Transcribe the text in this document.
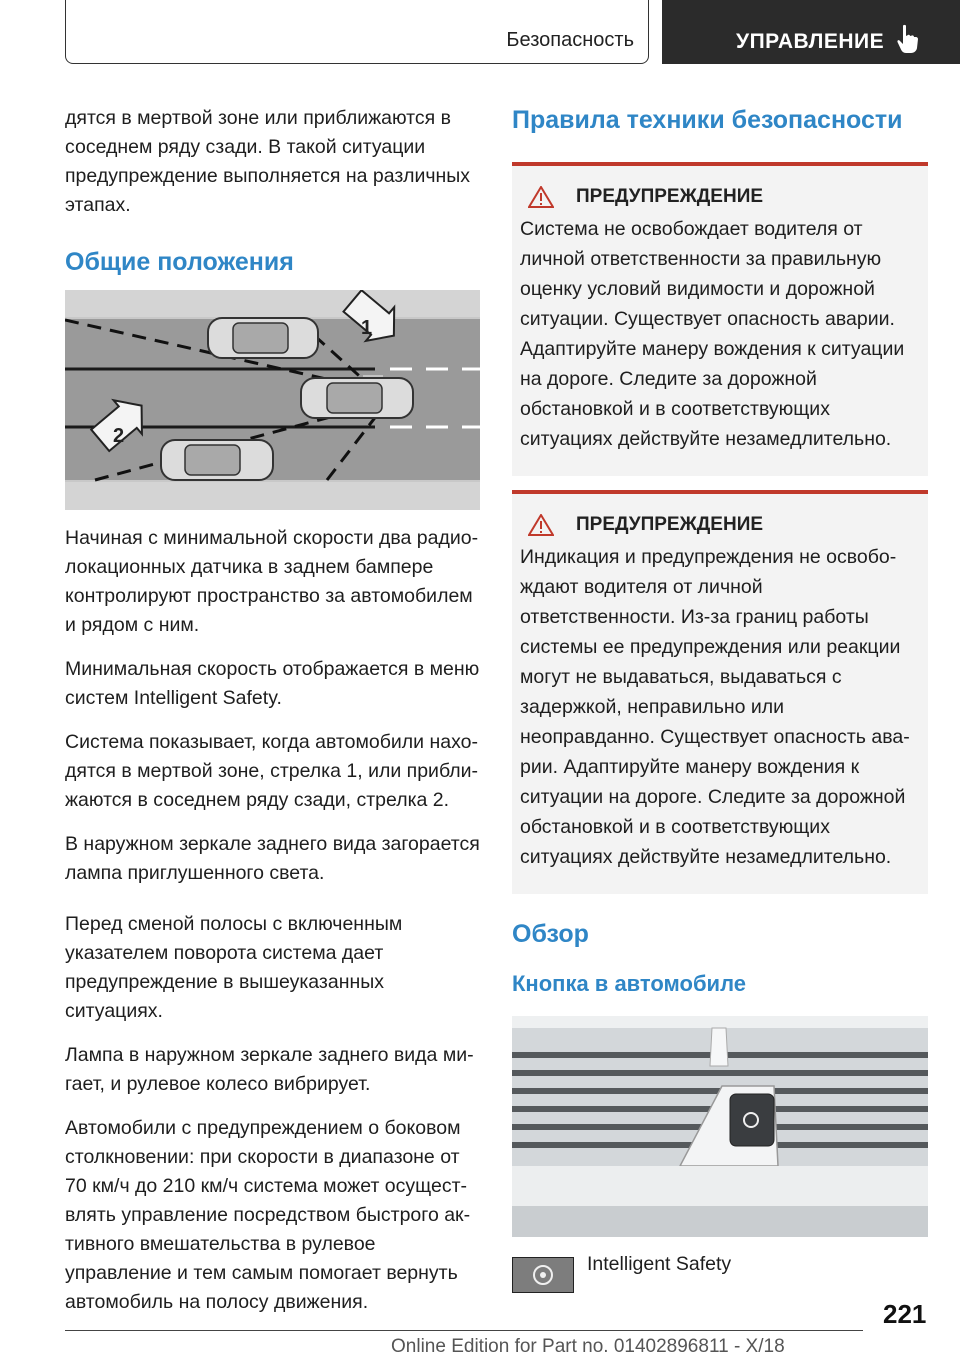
Безопасность	УПРАВЛЕНИЕ

дятся в мертвой зоне или приближаются в соседнем ряду сзади. В такой ситуации предупреждение выполняется на различных этапах.

Общие положения
1
2

Начиная с минимальной скорости два радиолокационных датчика в заднем бампере контролируют пространство за автомобилем и рядом с ним.

Минимальная скорость отображается в меню систем Intelligent Safety.

Система показывает, когда автомобили находятся в мертвой зоне, стрелка 1, или приближаются в соседнем ряду сзади, стрелка 2.

В наружном зеркале заднего вида загорается лампа приглушенного света.

Перед сменой полосы с включенным указателем поворота система дает предупреждение в вышеуказанных ситуациях.

Лампа в наружном зеркале заднего вида мигает, и рулевое колесо вибрирует.

Автомобили с предупреждением о боковом столкновении: при скорости в диапазоне от 70 км/ч до 210 км/ч система может осуществлять управление посредством быстрого активного вмешательства в рулевое управление и тем самым помогает вернуть автомобиль на полосу движения.

Правила техники безопасности
ПРЕДУПРЕЖДЕНИЕ
Система не освобождает водителя от личной ответственности за правильную оценку условий видимости и дорожной ситуации. Существует опасность аварии. Адаптируйте манеру вождения к ситуации на дороге. Следите за дорожной обстановкой и в соответствующих ситуациях действуйте незамедлительно.
ПРЕДУПРЕЖДЕНИЕ
Индикация и предупреждения не освобождают водителя от личной ответственности. Из-за границ работы системы ее предупреждения или реакции могут не выдаваться, выдаваться с задержкой, неправильно или неоправданно. Существует опасность аварии. Адаптируйте манеру вождения к ситуации на дороге. Следите за дорожной обстановкой и в соответствующих ситуациях действуйте незамедлительно.
Обзор
Кнопка в автомобиле
Intelligent Safety
221
Online Edition for Part no. 01402896811 - X/18
